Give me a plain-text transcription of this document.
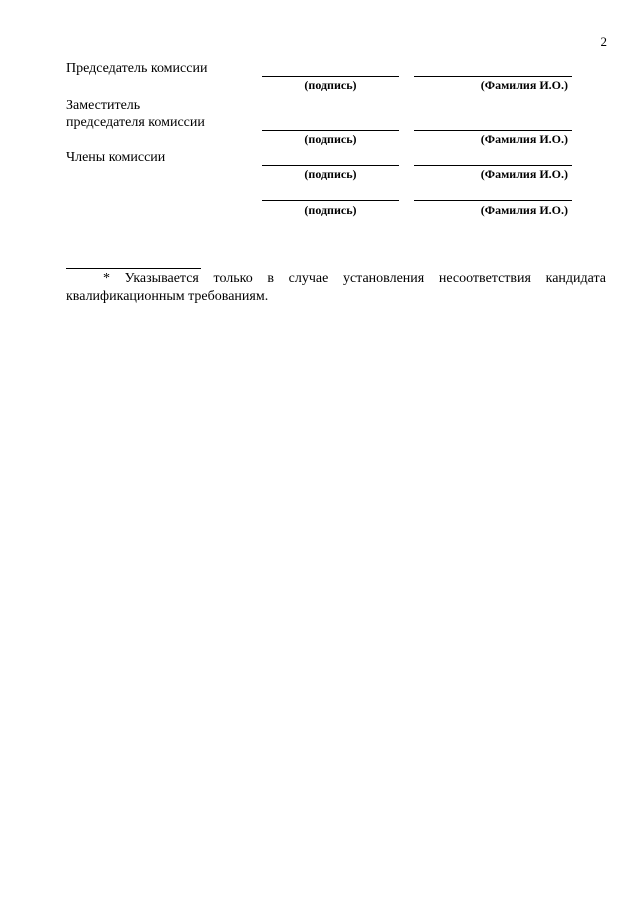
2
Председатель комиссии
(подпись)	(Фамилия И.О.)
Заместитель
председателя комиссии
(подпись)	(Фамилия И.О.)
Члены комиссии
(подпись)	(Фамилия И.О.)
(подпись)	(Фамилия И.О.)
* Указывается только в случае установления несоответствия кандидата квалификационным требованиям.
